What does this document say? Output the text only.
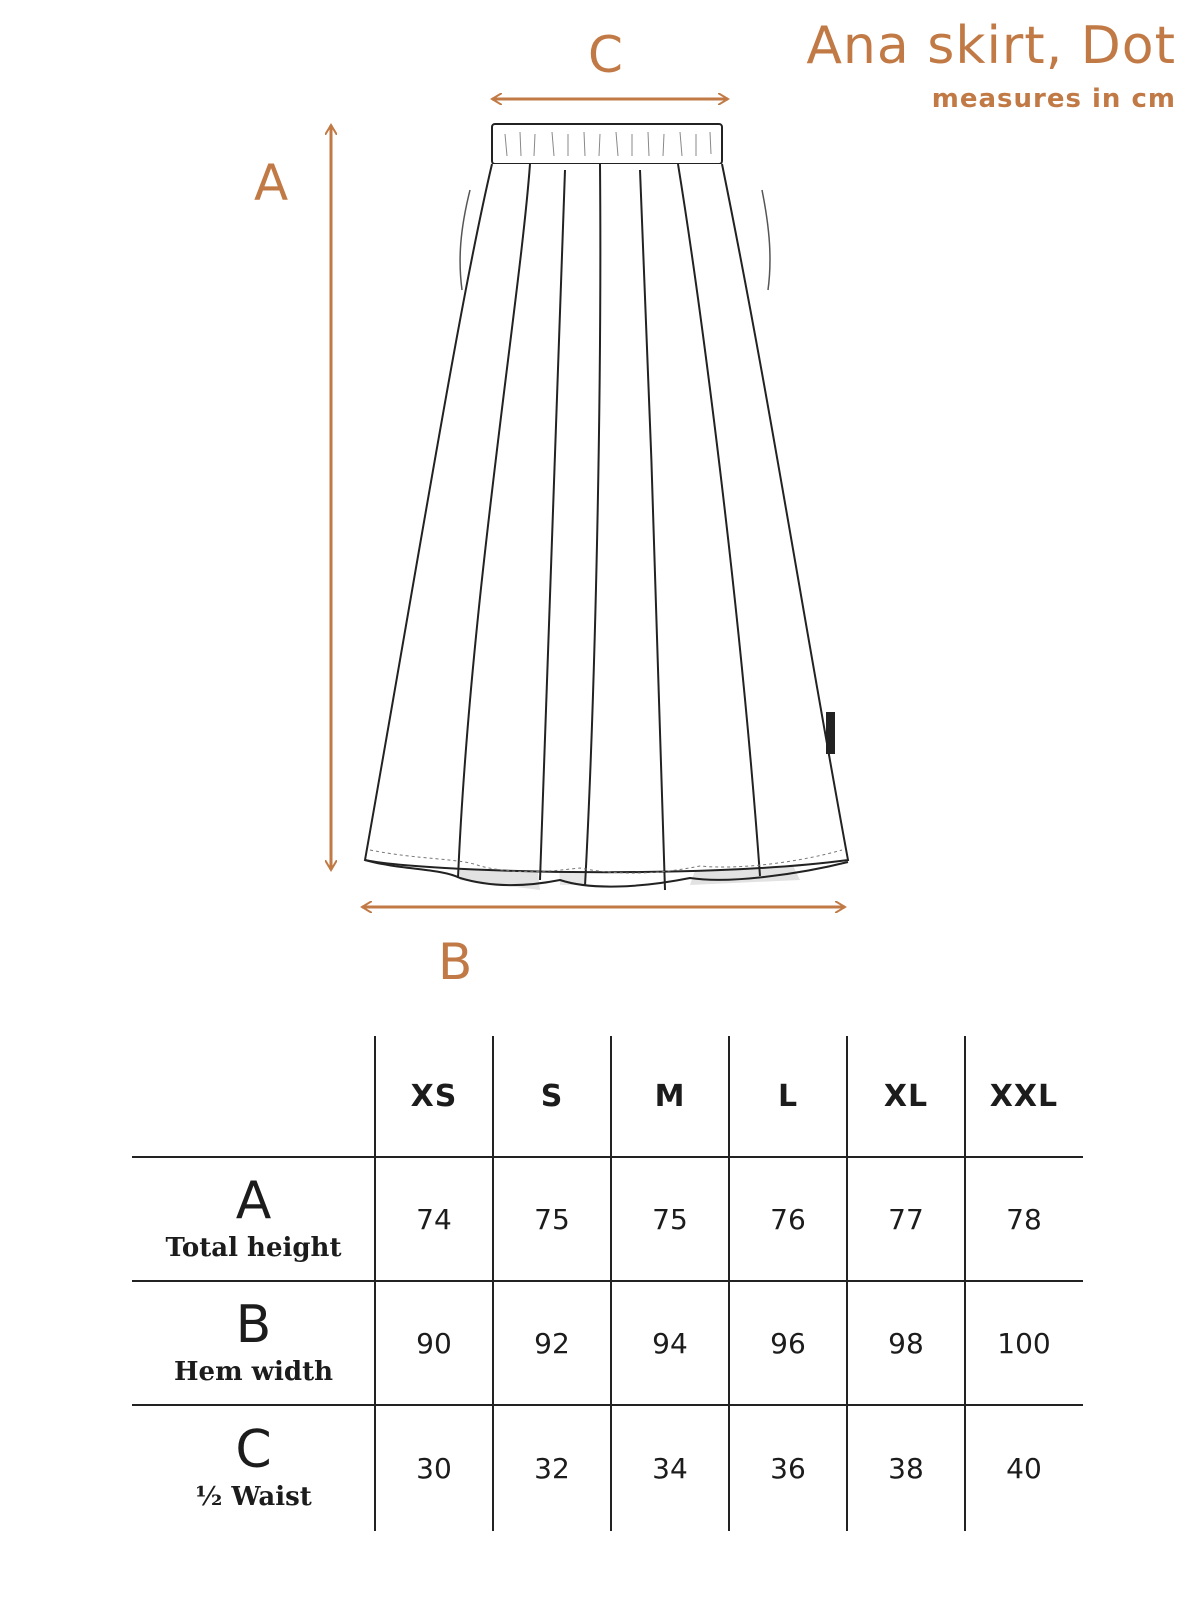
Ana skirt, Dot
measures in cm
C
A
B
XS	S	M	L	XL	XXL
A
Total height
74	75	75	76	77	78
B
Hem width
90	92	94	96	98	100
C
½ Waist
30	32	34	36	38	40
